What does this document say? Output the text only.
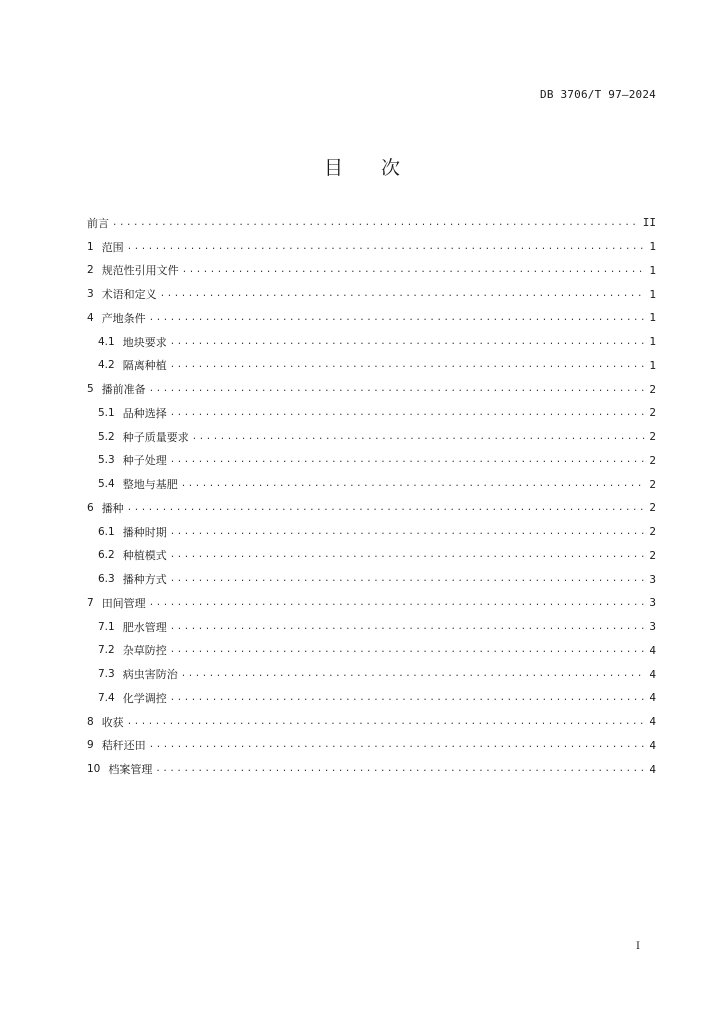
DB 3706/T 97—2024
目次
前言 .....	II
1 范围 .....	1
2 规范性引用文件 .....	1
3 术语和定义 .....	1
4 产地条件 .....	1
4.1 地块要求 .....	1
4.2 隔离种植 .....	1
5 播前准备 .....	2
5.1 品种选择 .....	2
5.2 种子质量要求 .....	2
5.3 种子处理 .....	2
5.4 整地与基肥 .....	2
6 播种 .....	2
6.1 播种时期 .....	2
6.2 种植模式 .....	2
6.3 播种方式 .....	3
7 田间管理 .....	3
7.1 肥水管理 .....	3
7.2 杂草防控 .....	4
7.3 病虫害防治 .....	4
7.4 化学调控 .....	4
8 收获 .....	4
9 秸秆还田 .....	4
10 档案管理 .....	4
I
